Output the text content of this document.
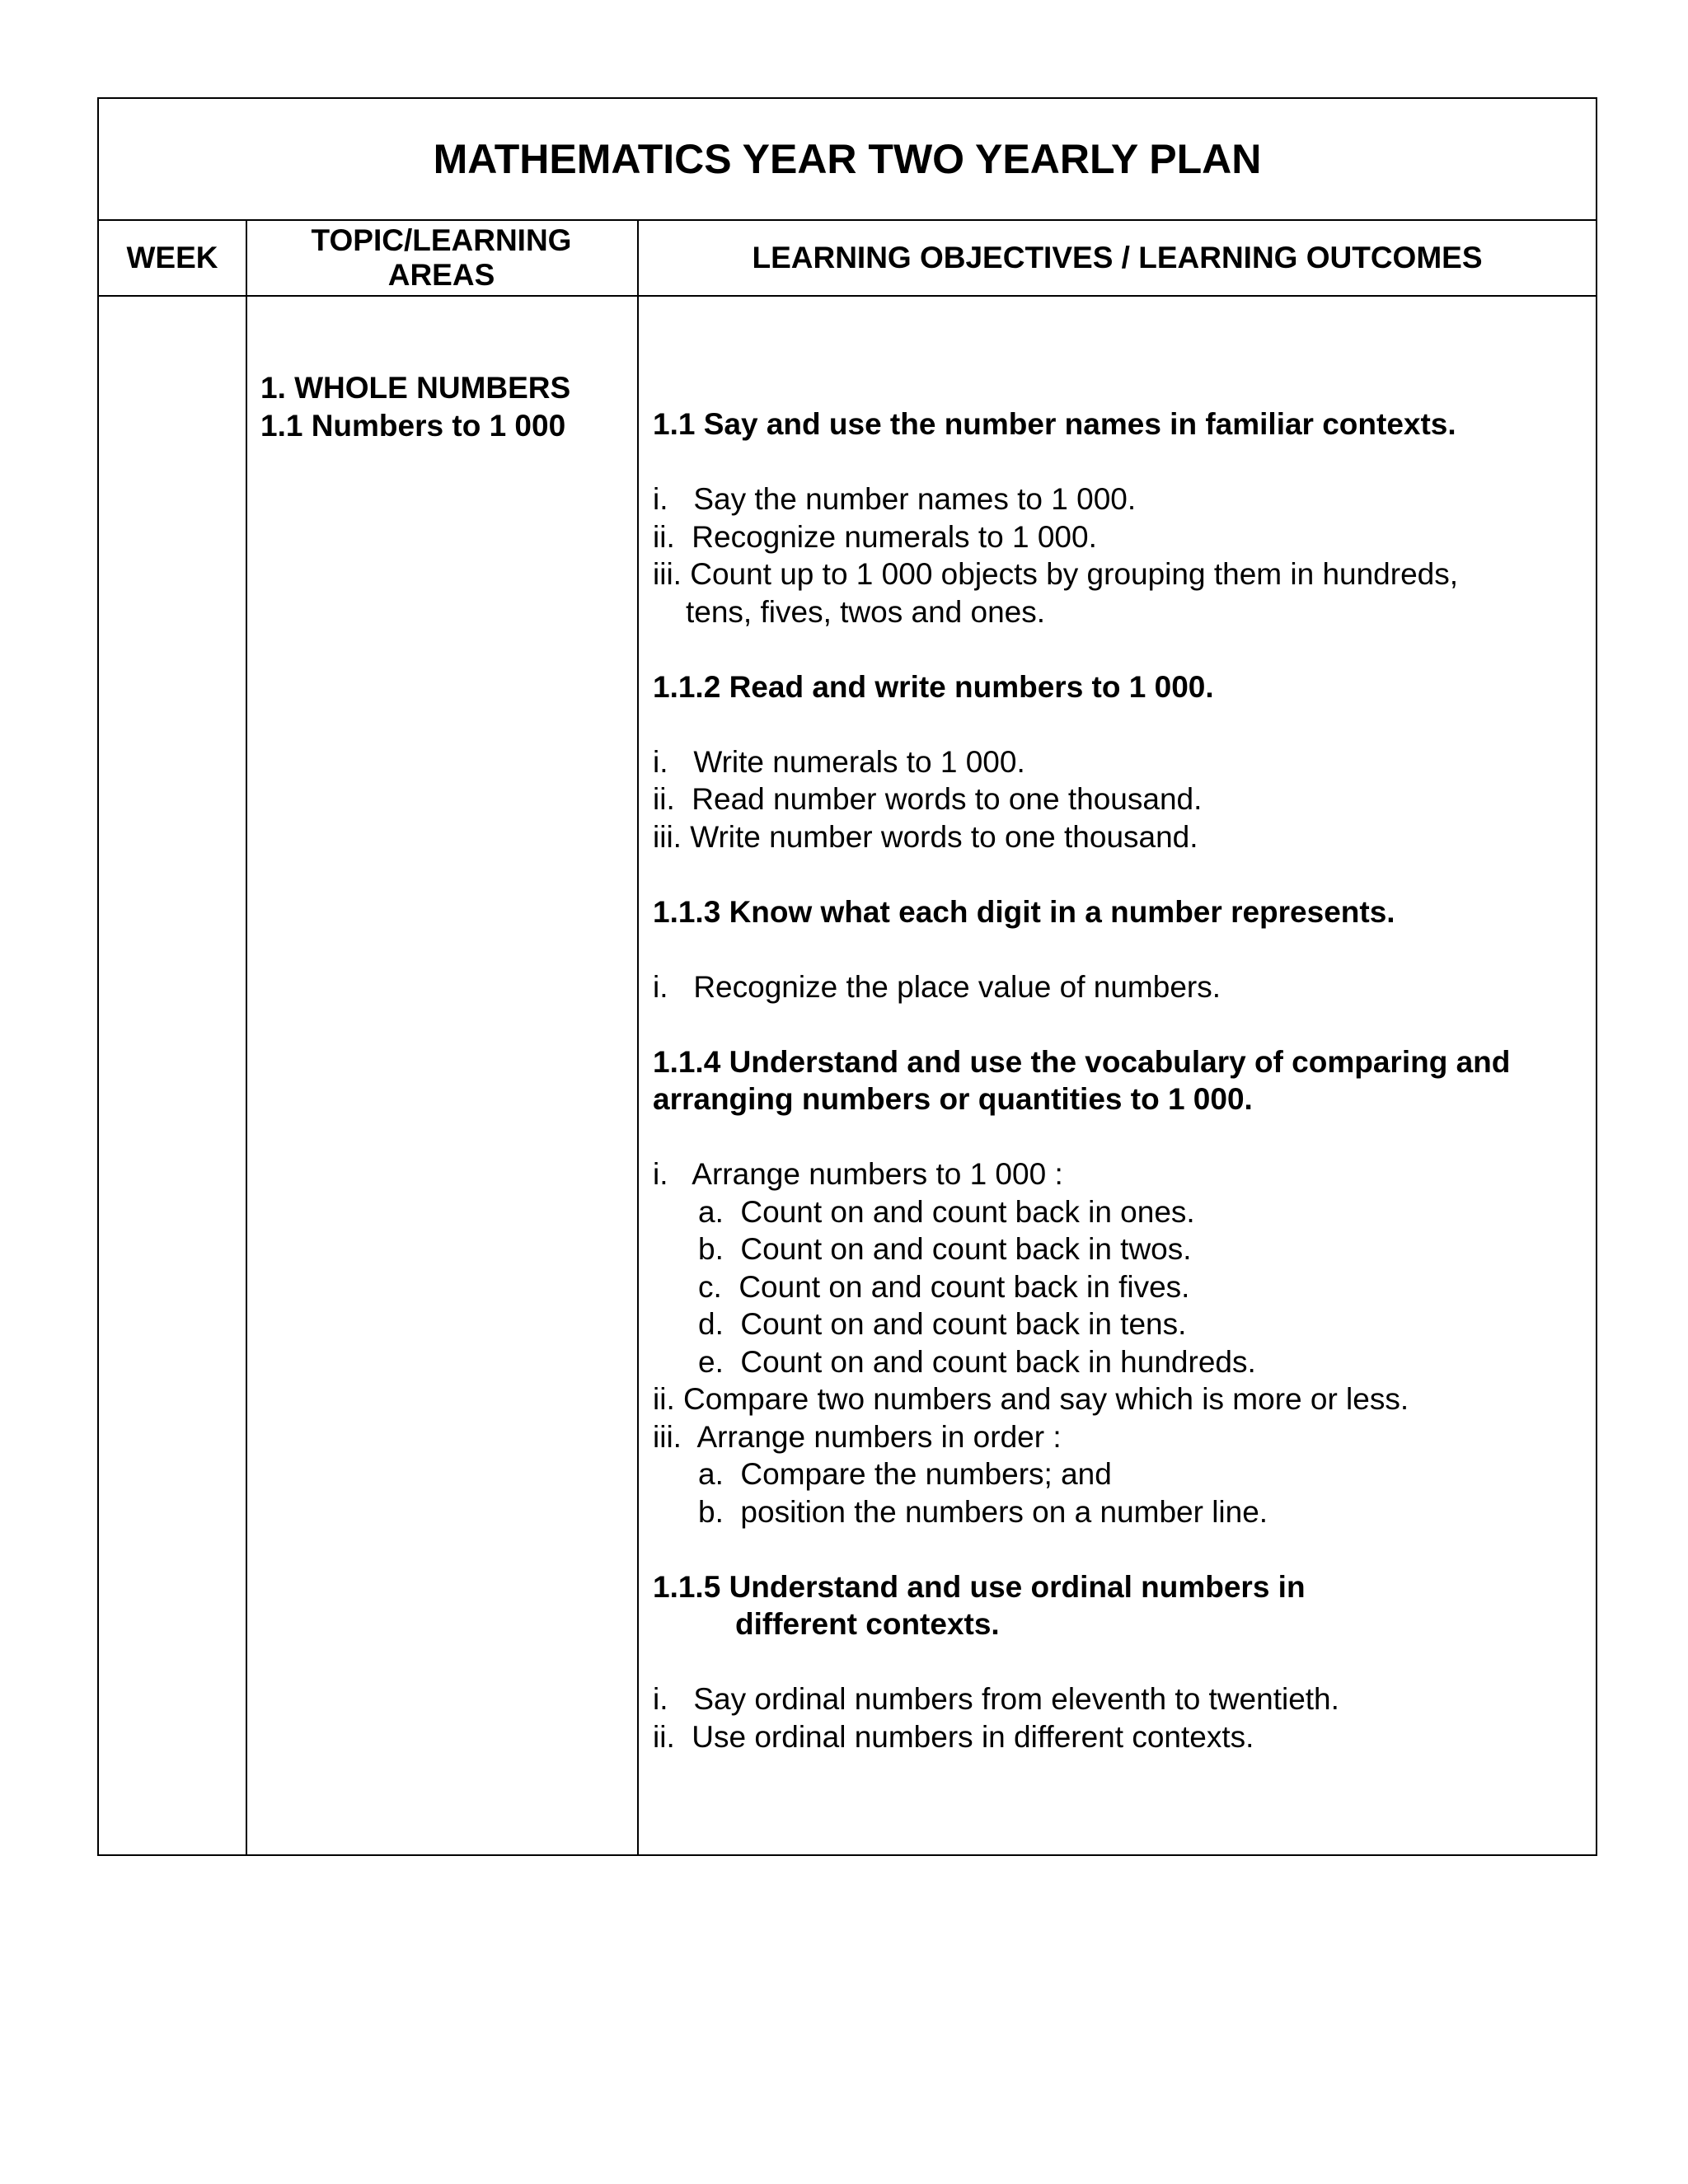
MATHEMATICS YEAR TWO YEARLY PLAN
WEEK
TOPIC/LEARNING
AREAS
LEARNING OBJECTIVES / LEARNING OUTCOMES
1. WHOLE NUMBERS
1.1 Numbers to 1 000	1.1 Say and use the number names in familiar contexts.
i.   Say the number names to 1 000.
ii.  Recognize numerals to 1 000.
iii. Count up to 1 000 objects by grouping them in hundreds,
tens, fives, twos and ones.
1.1.2 Read and write numbers to 1 000.
i.   Write numerals to 1 000.
ii.  Read number words to one thousand.
iii. Write number words to one thousand.
1.1.3 Know what each digit in a number represents.
i.   Recognize the place value of numbers.
1.1.4 Understand and use the vocabulary of comparing and
arranging numbers or quantities to 1 000.
i.   Arrange numbers to 1 000 :
a.  Count on and count back in ones.
b.  Count on and count back in twos.
c.  Count on and count back in fives.
d.  Count on and count back in tens.
e.  Count on and count back in hundreds.
ii. Compare two numbers and say which is more or less.
iii.  Arrange numbers in order :
a.  Compare the numbers; and
b.  position the numbers on a number line.
1.1.5 Understand and use ordinal numbers in
different contexts.
i.   Say ordinal numbers from eleventh to twentieth.
ii.  Use ordinal numbers in different contexts.
